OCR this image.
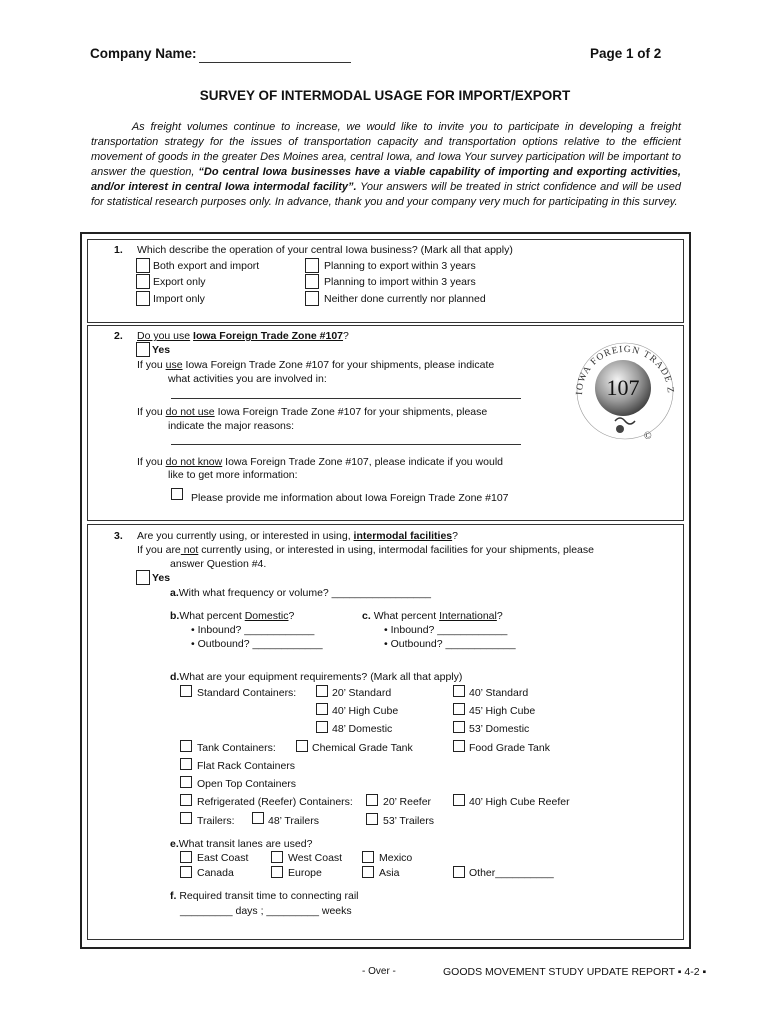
Company Name:	Page 1 of 2
SURVEY OF INTERMODAL USAGE FOR IMPORT/EXPORT
As freight volumes continue to increase, we would like to invite you to participate in developing a freight transportation strategy for the issues of transportation capacity and transportation options relative to the efficient movement of goods in the greater Des Moines area, central Iowa, and Iowa Your survey participation will be important to answer the question, “Do central Iowa businesses have a viable capability of importing and exporting activities, and/or interest in central Iowa intermodal facility”. Your answers will be treated in strict confidence and will be used for statistical research purposes only. In advance, thank you and your company very much for participating in this survey.
1. Which describe the operation of your central Iowa business? (Mark all that apply)
Both export and import	Planning to export within 3 years
Export only	Planning to import within 3 years
Import only	Neither done currently nor planned
2. Do you use Iowa Foreign Trade Zone #107?
Yes
If you use Iowa Foreign Trade Zone #107 for your shipments, please indicate
what activities you are involved in:
If you do not use Iowa Foreign Trade Zone #107 for your shipments, please
indicate the major reasons:
If you do not know Iowa Foreign Trade Zone #107, please indicate if you would
like to get more information:
Please provide me information about Iowa Foreign Trade Zone #107
IOWA FOREIGN TRADE Z
107
©
3. Are you currently using, or interested in using, intermodal facilities?
If you are not currently using, or interested in using, intermodal facilities for your shipments, please
answer Question #4.
Yes
a.With what frequency or volume? _________________
b.What percent Domestic?
• Inbound? ____________
• Outbound? ____________
c. What percent International?
• Inbound? ____________
• Outbound? ____________
d.What are your equipment requirements? (Mark all that apply)
Standard Containers:	20’ Standard	40’ Standard
40’ High Cube	45’ High Cube
48’ Domestic	53’ Domestic
Tank Containers:	Chemical Grade Tank	Food Grade Tank
Flat Rack Containers
Open Top Containers
Refrigerated (Reefer) Containers:	20’ Reefer	40’ High Cube Reefer
Trailers:	48’ Trailers	53’ Trailers
e.What transit lanes are used?
East Coast	West Coast	Mexico
Canada	Europe	Asia	Other__________
f. Required transit time to connecting rail
_________ days ; _________ weeks
- Over -	GOODS MOVEMENT STUDY UPDATE REPORT ▪ 4-2 ▪
